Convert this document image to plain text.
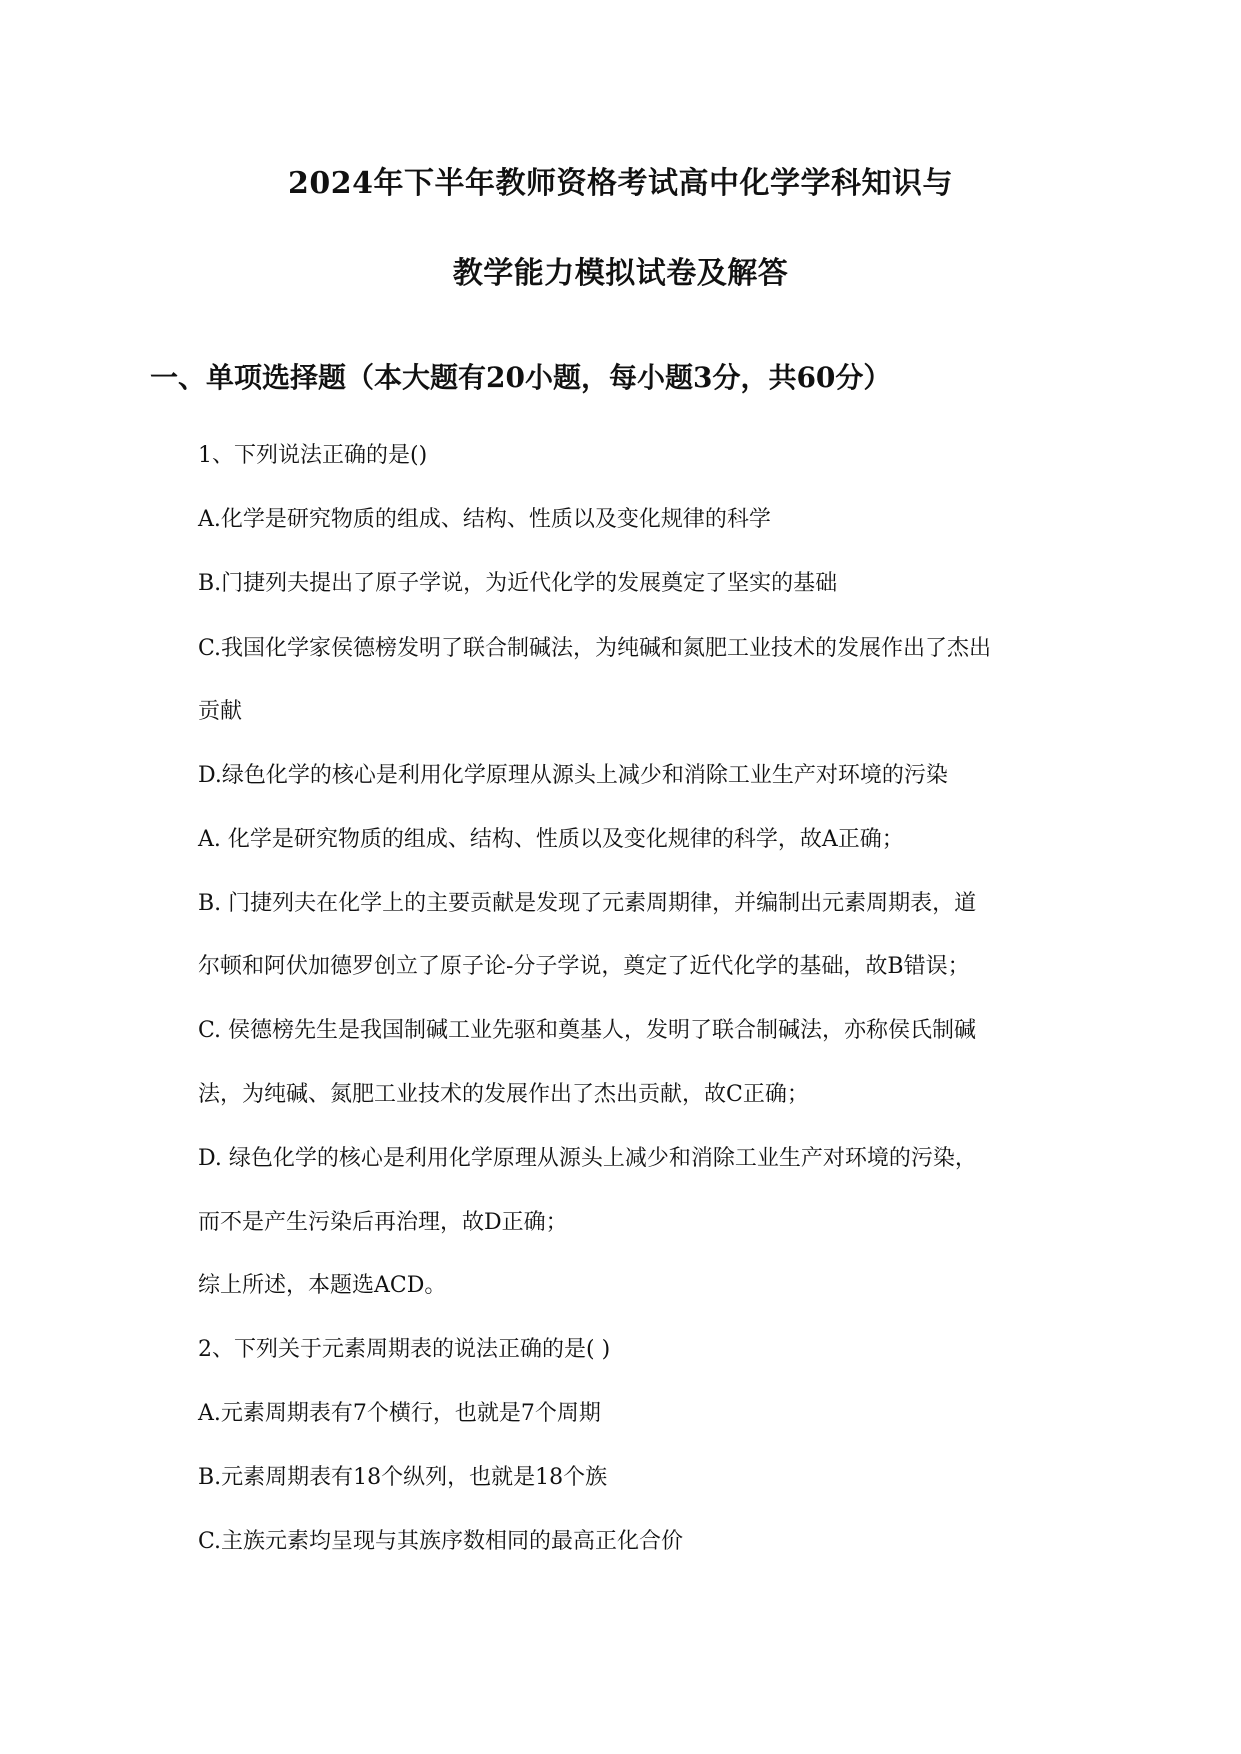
2024年下半年教师资格考试高中化学学科知识与
教学能力模拟试卷及解答
一、单项选择题（本大题有20小题，每小题3分，共60分）
1、下列说法正确的是()
A.化学是研究物质的组成、结构、性质以及变化规律的科学
B.门捷列夫提出了原子学说，为近代化学的发展奠定了坚实的基础
C.我国化学家侯德榜发明了联合制碱法，为纯碱和氮肥工业技术的发展作出了杰出
贡献
D.绿色化学的核心是利用化学原理从源头上减少和消除工业生产对环境的污染
A. 化学是研究物质的组成、结构、性质以及变化规律的科学，故A正确；
B. 门捷列夫在化学上的主要贡献是发现了元素周期律，并编制出元素周期表，道
尔顿和阿伏加德罗创立了原子论-分子学说，奠定了近代化学的基础，故B错误；
C. 侯德榜先生是我国制碱工业先驱和奠基人，发明了联合制碱法，亦称侯氏制碱
法，为纯碱、氮肥工业技术的发展作出了杰出贡献，故C正确；
D. 绿色化学的核心是利用化学原理从源头上减少和消除工业生产对环境的污染，
而不是产生污染后再治理，故D正确；
综上所述，本题选ACD。
2、下列关于元素周期表的说法正确的是( )
A.元素周期表有7个横行，也就是7个周期
B.元素周期表有18个纵列，也就是18个族
C.主族元素均呈现与其族序数相同的最高正化合价
